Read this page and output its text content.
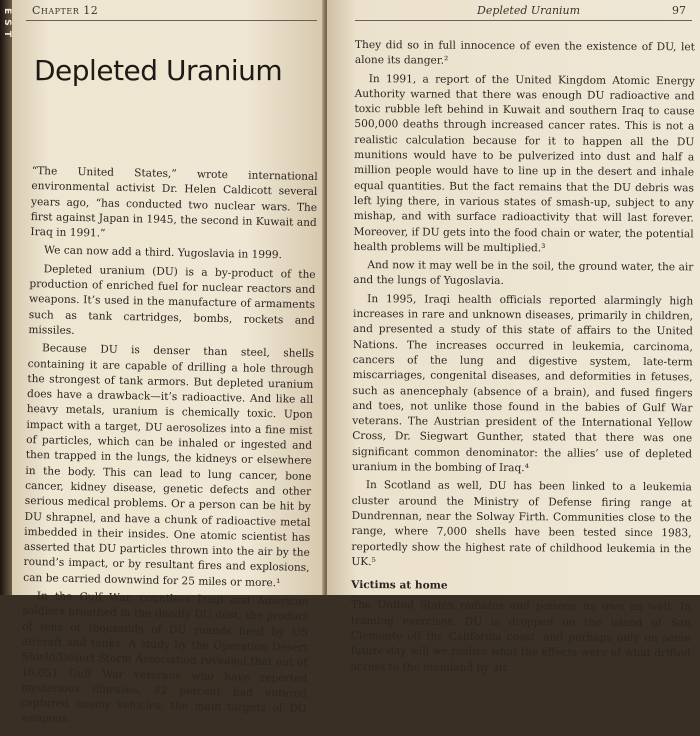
E S T Chapter 12
Depleted Uranium

“The United States,” wrote international environmental activist Dr. Helen Caldicott several years ago, “has conducted two nuclear wars. The first against Japan in 1945, the second in Kuwait and Iraq in 1991.”

We can now add a third. Yugoslavia in 1999.

Depleted uranium (DU) is a by-product of the production of enriched fuel for nuclear reactors and weapons. It’s used in the manufacture of armaments such as tank cartridges, bombs, rockets and missiles.

Because DU is denser than steel, shells containing it are capable of drilling a hole through the strongest of tank armors. But depleted uranium does have a drawback—it’s radioactive. And like all heavy metals, uranium is chemically toxic. Upon impact with a target, DU aerosolizes into a fine mist of particles, which can be inhaled or ingested and then trapped in the lungs, the kidneys or elsewhere in the body. This can lead to lung cancer, bone cancer, kidney disease, genetic defects and other serious medical problems. Or a person can be hit by DU shrapnel, and have a chunk of radioactive metal imbedded in their insides. One atomic scientist has asserted that DU particles thrown into the air by the round’s impact, or by resultant fires and explosions, can be carried downwind for 25 miles or more.¹

In the Gulf War, countless Iraqi and American soldiers breathed in the deadly DU dust, the product of tens of thousands of DU rounds fired by US aircraft and tanks. A study by the Operation Desert Shield/Desert Storm Association revealed that out of 10,051 Gulf War veterans who have reported mysterious illnesses, 82 percent had entered captured enemy vehicles, the main targets of DU weapons.

Depleted Uranium	97

They did so in full innocence of even the existence of DU, let alone its danger.²

In 1991, a report of the United Kingdom Atomic Energy Authority warned that there was enough DU radioactive and toxic rubble left behind in Kuwait and southern Iraq to cause 500,000 deaths through increased cancer rates. This is not a realistic calculation because for it to happen all the DU munitions would have to be pulverized into dust and half a million people would have to line up in the desert and inhale equal quantities. But the fact remains that the DU debris was left lying there, in various states of smash-up, subject to any mishap, and with surface radioactivity that will last forever. Moreover, if DU gets into the food chain or water, the potential health problems will be multiplied.³

And now it may well be in the soil, the ground water, the air and the lungs of Yugoslavia.

In 1995, Iraqi health officials reported alarmingly high increases in rare and unknown diseases, primarily in children, and presented a study of this state of affairs to the United Nations. The increases occurred in leukemia, carcinoma, cancers of the lung and digestive system, late-term miscarriages, congenital diseases, and deformities in fetuses, such as anencephaly (absence of a brain), and fused fingers and toes, not unlike those found in the babies of Gulf War veterans. The Austrian president of the International Yellow Cross, Dr. Siegwart Gunther, stated that there was one significant common denominator: the allies’ use of depleted uranium in the bombing of Iraq.⁴

In Scotland as well, DU has been linked to a leukemia cluster around the Ministry of Defense firing range at Dundrennan, near the Solway Firth. Communities close to the range, where 7,000 shells have been tested since 1983, reportedly show the highest rate of childhood leukemia in the UK.⁵

Victims at home

The United States radiates and poisons its own as well. In training exercises, DU is dropped on the island of San Clemente off the California coast, and perhaps only on some future day will we realize what the effects were of what drifted across to the mainland by air
